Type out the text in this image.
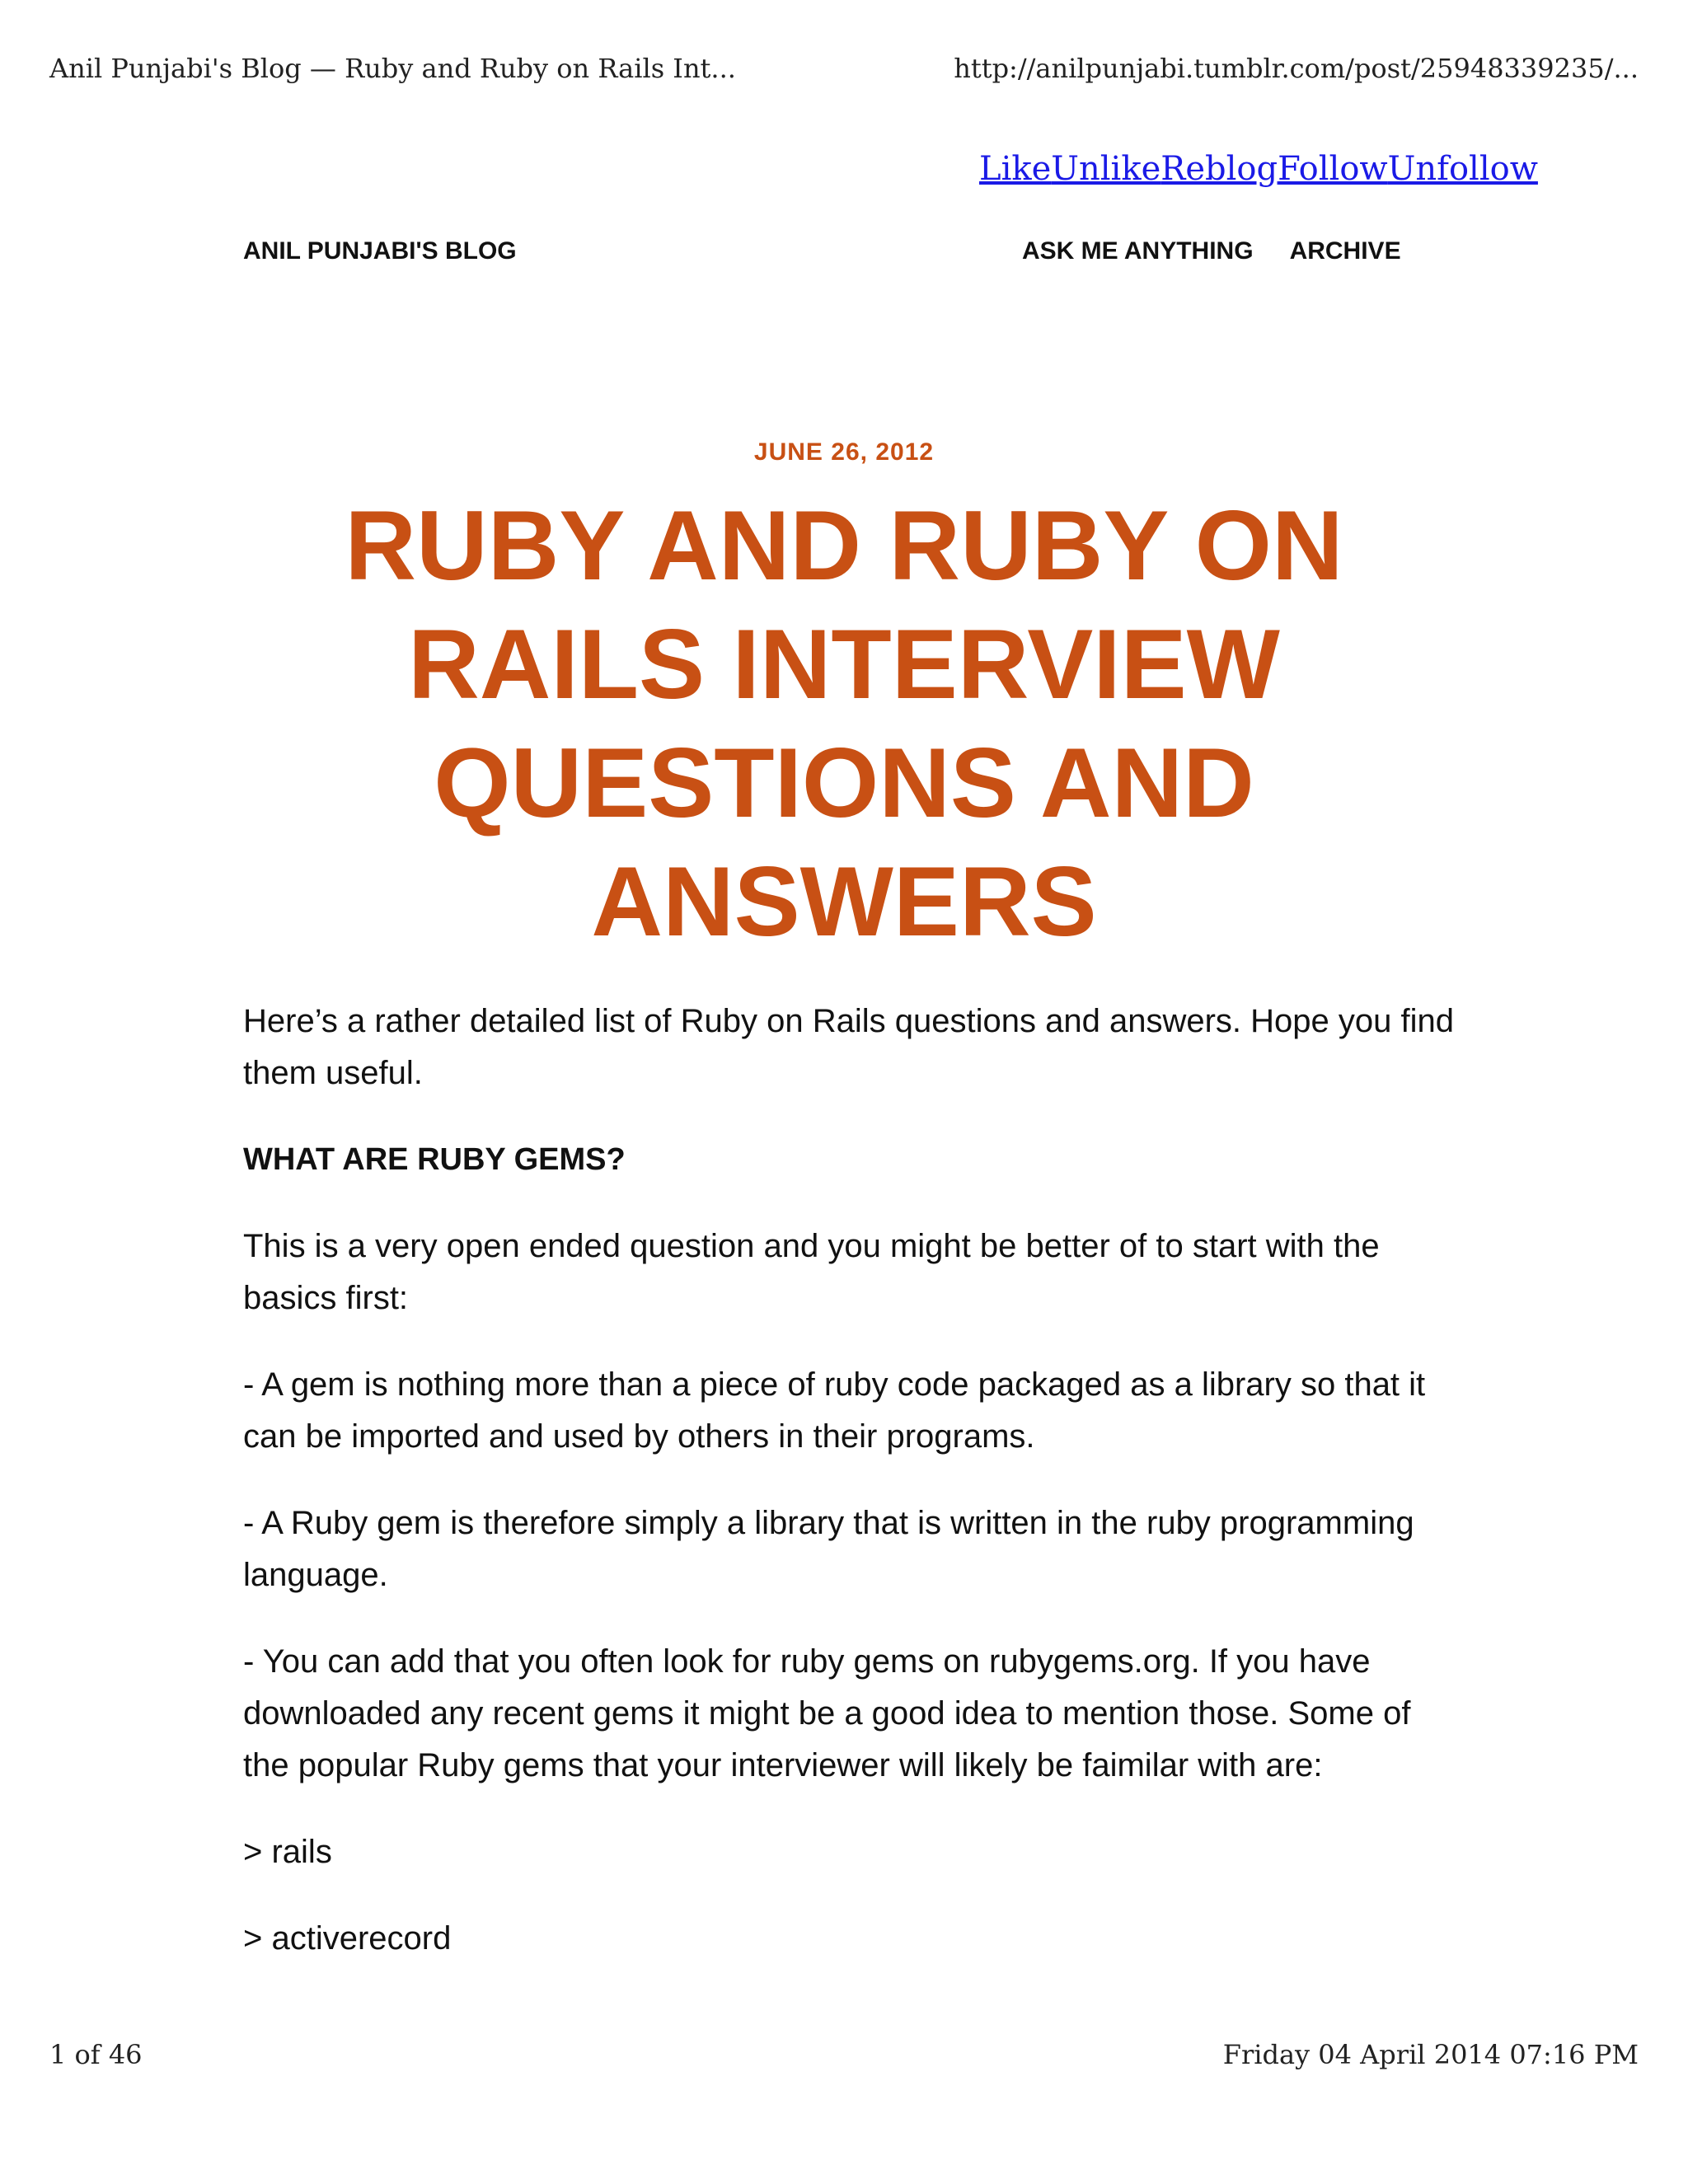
Anil Punjabi's Blog — Ruby and Ruby on Rails Int...	http://anilpunjabi.tumblr.com/post/25948339235/...
LikeUnlikeReblogFollowUnfollow
ANIL PUNJABI'S BLOG	ASK ME ANYTHING ARCHIVE
JUNE 26, 2012
RUBY AND RUBY ON RAILS INTERVIEW QUESTIONS AND ANSWERS

Here’s a rather detailed list of Ruby on Rails questions and answers. Hope you find them useful.

WHAT ARE RUBY GEMS?

This is a very open ended question and you might be better of to start with the basics first:

- A gem is nothing more than a piece of ruby code packaged as a library so that it can be imported and used by others in their programs.

- A Ruby gem is therefore simply a library that is written in the ruby programming language.

- You can add that you often look for ruby gems on rubygems.org. If you have downloaded any recent gems it might be a good idea to mention those. Some of the popular Ruby gems that your interviewer will likely be faimilar with are:

> rails

> activerecord

1 of 46	Friday 04 April 2014 07:16 PM
